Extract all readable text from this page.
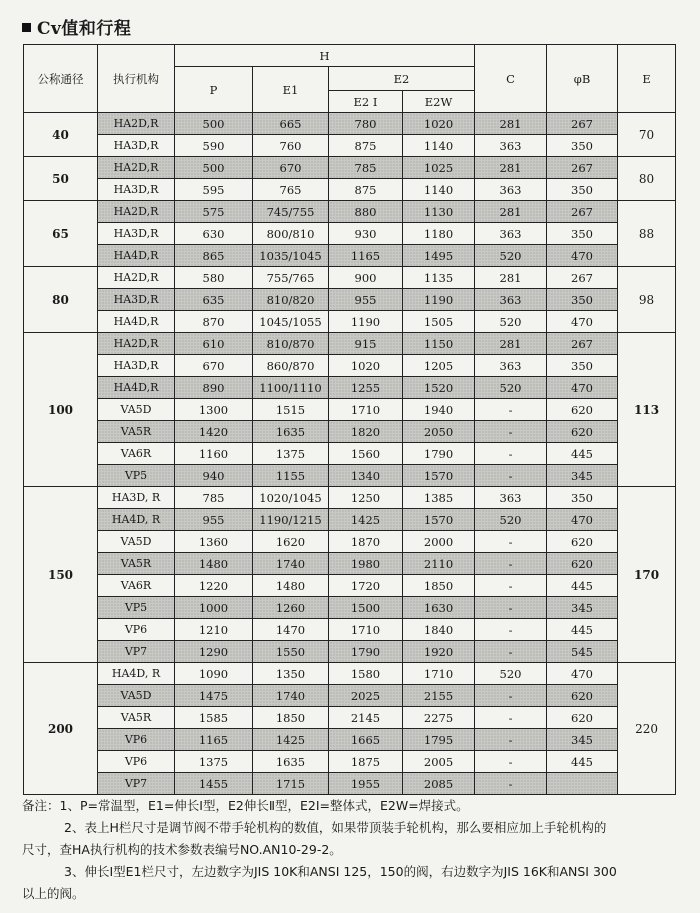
Cv值和行程
公称通径	执行机构	H				C	φB	E
		P	E1	E2				
				E2 I	E2W			
40	HA2D,R	500	665	780	1020	281	267	70
	HA3D,R	590	760	875	1140	363	350	
50	HA2D,R	500	670	785	1025	281	267	80
	HA3D,R	595	765	875	1140	363	350	
65	HA2D,R	575	745/755	880	1130	281	267	88
	HA3D,R	630	800/810	930	1180	363	350	
	HA4D,R	865	1035/1045	1165	1495	520	470	
80	HA2D,R	580	755/765	900	1135	281	267	98
	HA3D,R	635	810/820	955	1190	363	350	
	HA4D,R	870	1045/1055	1190	1505	520	470	
100	HA2D,R	610	810/870	915	1150	281	267	113
	HA3D,R	670	860/870	1020	1205	363	350	
	HA4D,R	890	1100/1110	1255	1520	520	470	
	VA5D	1300	1515	1710	1940	-	620	
	VA5R	1420	1635	1820	2050	-	620	
	VA6R	1160	1375	1560	1790	-	445	
	VP5	940	1155	1340	1570	-	345	
150	HA3D, R	785	1020/1045	1250	1385	363	350	170
	HA4D, R	955	1190/1215	1425	1570	520	470	
	VA5D	1360	1620	1870	2000	-	620	
	VA5R	1480	1740	1980	2110	-	620	
	VA6R	1220	1480	1720	1850	-	445	
	VP5	1000	1260	1500	1630	-	345	
	VP6	1210	1470	1710	1840	-	445	
	VP7	1290	1550	1790	1920	-	545	
200	HA4D, R	1090	1350	1580	1710	520	470	220
	VA5D	1475	1740	2025	2155	-	620	
	VA5R	1585	1850	2145	2275	-	620	
	VP6	1165	1425	1665	1795	-	345	
	VP6	1375	1635	1875	2005	-	445	
	VP7	1455	1715	1955	2085	-		

备注：1、P=常温型，E1=伸长Ⅰ型，E2伸长Ⅱ型，E2Ⅰ=整体式，E2W=焊接式。

2、表上H栏尺寸是调节阀不带手轮机构的数值，如果带顶装手轮机构，那么要相应加上手轮机构的

尺寸，查HA执行机构的技术参数表编号NO.AN10-29-2。

3、伸长Ⅰ型E1栏尺寸，左边数字为JIS 10K和ANSI 125，150的阀，右边数字为JIS 16K和ANSI 300

以上的阀。
